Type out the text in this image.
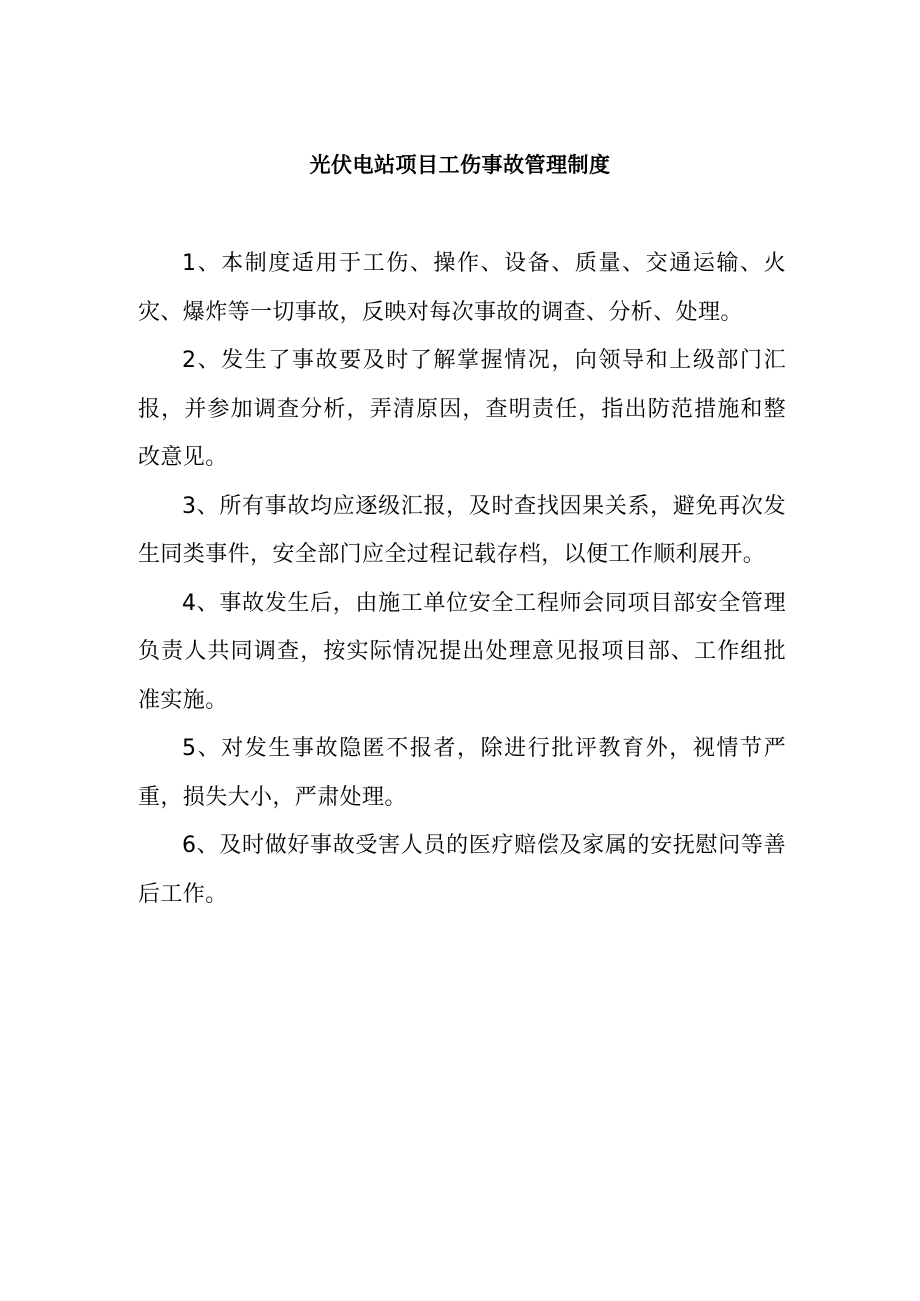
光伏电站项目工伤事故管理制度

1、本制度适用于工伤、操作、设备、质量、交通运输、火灾、爆炸等一切事故，反映对每次事故的调查、分析、处理。

2、发生了事故要及时了解掌握情况，向领导和上级部门汇报，并参加调查分析，弄清原因，查明责任，指出防范措施和整改意见。

3、所有事故均应逐级汇报，及时查找因果关系，避免再次发生同类事件，安全部门应全过程记载存档，以便工作顺利展开。

4、事故发生后，由施工单位安全工程师会同项目部安全管理负责人共同调查，按实际情况提出处理意见报项目部、工作组批准实施。

5、对发生事故隐匿不报者，除进行批评教育外，视情节严重，损失大小，严肃处理。

6、及时做好事故受害人员的医疗赔偿及家属的安抚慰问等善后工作。
